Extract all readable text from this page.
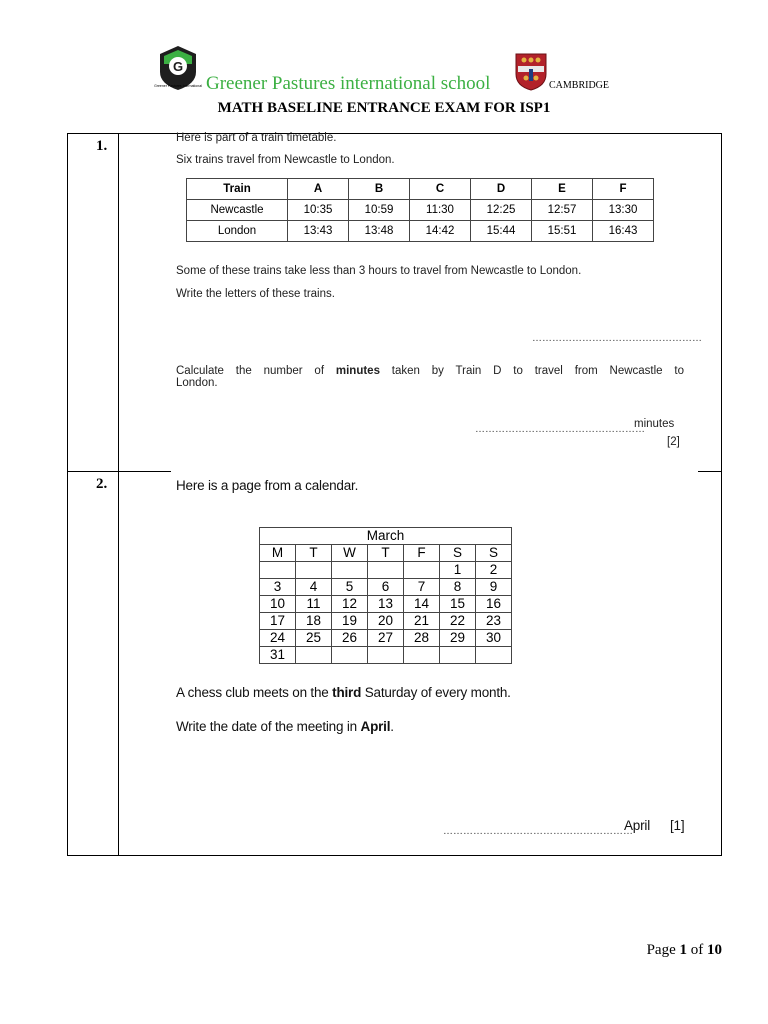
G
Greener Pastures International Greener Pastures international school	CAMBRIDGE
MATH BASELINE ENTRANCE EXAM FOR ISP1
1.	Here is part of a train timetable.
Six trains travel from Newcastle to London.
Train	A	B	C	D	E	F
Newcastle	10:35	10:59	11:30	12:25	12:57	13:30
London	13:43	13:48	14:42	15:44	15:51	16:43
Some of these trains take less than 3 hours to travel from Newcastle to London.
Write the letters of these trains.
……………………………………………
Calculate the number of minutes taken by Train D to travel from Newcastle to
London.
……………………………………………
minutes
[2]
2.	Here is a page from a calendar.
March						
M	T	W	T	F	S	S
					1	2
3	4	5	6	7	8	9
10	11	12	13	14	15	16
17	18	19	20	21	22	23
24	25	26	27	28	29	30
31						
A chess club meets on the third Saturday of every month.
Write the date of the meeting in April.
…………………………………………………
April [1]
Page 1 of 10
